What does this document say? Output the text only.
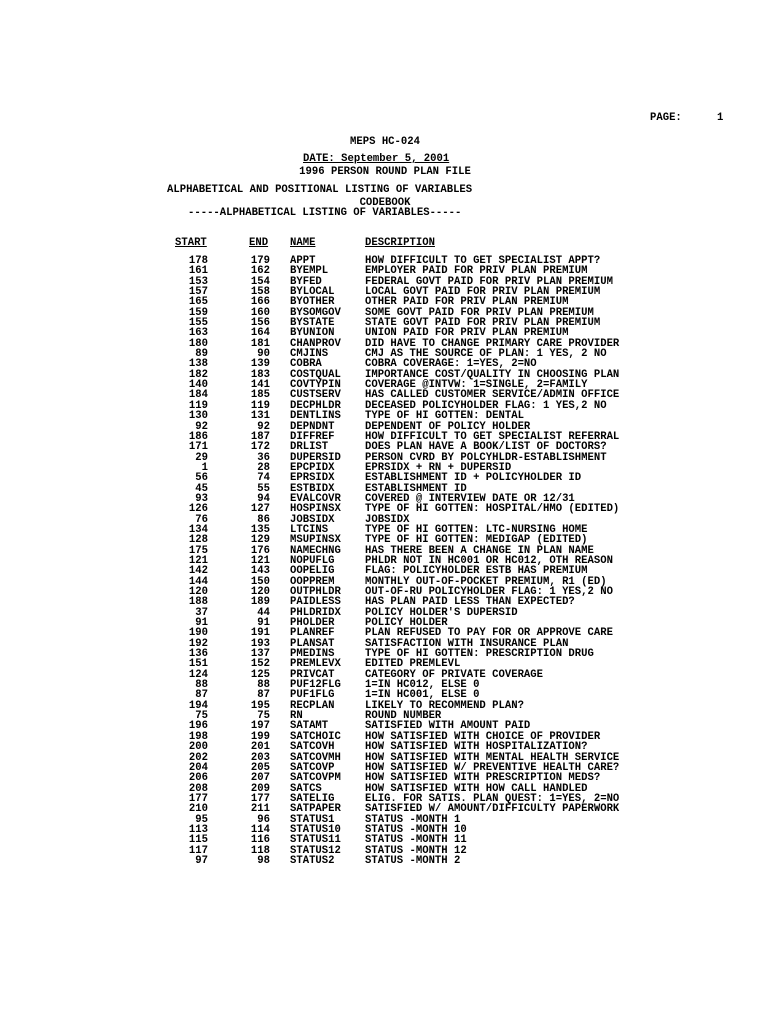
MEPS HC-024

1996 PERSON ROUND PLAN FILE

CODEBOOK

DATE: September 5, 2001
PAGE:	1
ALPHABETICAL AND POSITIONAL LISTING OF VARIABLES
-----ALPHABETICAL LISTING OF VARIABLES-----
START	END NAME	DESCRIPTION
178	179 APPT	HOW DIFFICULT TO GET SPECIALIST APPT?
161	162 BYEMPL	EMPLOYER PAID FOR PRIV PLAN PREMIUM
153	154 BYFED	FEDERAL GOVT PAID FOR PRIV PLAN PREMIUM
157	158 BYLOCAL	LOCAL GOVT PAID FOR PRIV PLAN PREMIUM
165	166 BYOTHER	OTHER PAID FOR PRIV PLAN PREMIUM
159	160 BYSOMGOV SOME GOVT PAID FOR PRIV PLAN PREMIUM
155	156 BYSTATE	STATE GOVT PAID FOR PRIV PLAN PREMIUM
163	164 BYUNION	UNION PAID FOR PRIV PLAN PREMIUM
180	181 CHANPROV DID HAVE TO CHANGE PRIMARY CARE PROVIDER
89	90 CMJINS	CMJ AS THE SOURCE OF PLAN: 1 YES, 2 NO
138	139 COBRA	COBRA COVERAGE: 1=YES, 2=NO
182	183 COSTQUAL IMPORTANCE COST/QUALITY IN CHOOSING PLAN
140	141 COVTYPIN COVERAGE @INTVW: 1=SINGLE, 2=FAMILY
184	185 CUSTSERV HAS CALLED CUSTOMER SERVICE/ADMIN OFFICE
119	119 DECPHLDR DECEASED POLICYHOLDER FLAG: 1 YES,2 NO
130	131 DENTLINS TYPE OF HI GOTTEN: DENTAL
92	92 DEPNDNT	DEPENDENT OF POLICY HOLDER
186	187 DIFFREF	HOW DIFFICULT TO GET SPECIALIST REFERRAL
171	172 DRLIST	DOES PLAN HAVE A BOOK/LIST OF DOCTORS?
29	36 DUPERSID PERSON CVRD BY POLCYHLDR-ESTABLISHMENT
1	28 EPCPIDX	EPRSIDX + RN + DUPERSID
56	74 EPRSIDX	ESTABLISHMENT ID + POLICYHOLDER ID
45	55 ESTBIDX	ESTABLISHMENT ID
93	94 EVALCOVR COVERED @ INTERVIEW DATE OR 12/31
126	127 HOSPINSX TYPE OF HI GOTTEN: HOSPITAL/HMO (EDITED)
76	86 JOBSIDX	JOBSIDX
134	135 LTCINS	TYPE OF HI GOTTEN: LTC-NURSING HOME
128	129 MSUPINSX TYPE OF HI GOTTEN: MEDIGAP (EDITED)
175	176 NAMECHNG HAS THERE BEEN A CHANGE IN PLAN NAME
121	121 NOPUFLG	PHLDR NOT IN HC001 OR HC012, OTH REASON
142	143 OOPELIG	FLAG: POLICYHOLDER ESTB HAS PREMIUM
144	150 OOPPREM	MONTHLY OUT-OF-POCKET PREMIUM, R1 (ED)
120	120 OUTPHLDR OUT-OF-RU POLICYHOLDER FLAG: 1 YES,2 NO
188	189 PAIDLESS HAS PLAN PAID LESS THAN EXPECTED?
37	44 PHLDRIDX POLICY HOLDER'S DUPERSID
91	91 PHOLDER	POLICY HOLDER
190	191 PLANREF	PLAN REFUSED TO PAY FOR OR APPROVE CARE
192	193 PLANSAT	SATISFACTION WITH INSURANCE PLAN
136	137 PMEDINS	TYPE OF HI GOTTEN: PRESCRIPTION DRUG
151	152 PREMLEVX EDITED PREMLEVL
124	125 PRIVCAT	CATEGORY OF PRIVATE COVERAGE
88	88 PUF12FLG 1=IN HC012, ELSE 0
87	87 PUF1FLG	1=IN HC001, ELSE 0
194	195 RECPLAN	LIKELY TO RECOMMEND PLAN?
75	75 RN	ROUND NUMBER
196	197 SATAMT	SATISFIED WITH AMOUNT PAID
198	199 SATCHOIC HOW SATISFIED WITH CHOICE OF PROVIDER
200	201 SATCOVH	HOW SATISFIED WITH HOSPITALIZATION?
202	203 SATCOVMH HOW SATISFIED WITH MENTAL HEALTH SERVICE
204	205 SATCOVP	HOW SATISFIED W/ PREVENTIVE HEALTH CARE?
206	207 SATCOVPM HOW SATISFIED WITH PRESCRIPTION MEDS?
208	209 SATCS	HOW SATISFIED WITH HOW CALL HANDLED
177	177 SATELIG	ELIG. FOR SATIS. PLAN QUEST: 1=YES, 2=NO
210	211 SATPAPER SATISFIED W/ AMOUNT/DIFFICULTY PAPERWORK
95	96 STATUS1	STATUS -MONTH 1
113	114 STATUS10 STATUS -MONTH 10
115	116 STATUS11 STATUS -MONTH 11
117	118 STATUS12 STATUS -MONTH 12
97	98 STATUS2	STATUS -MONTH 2
